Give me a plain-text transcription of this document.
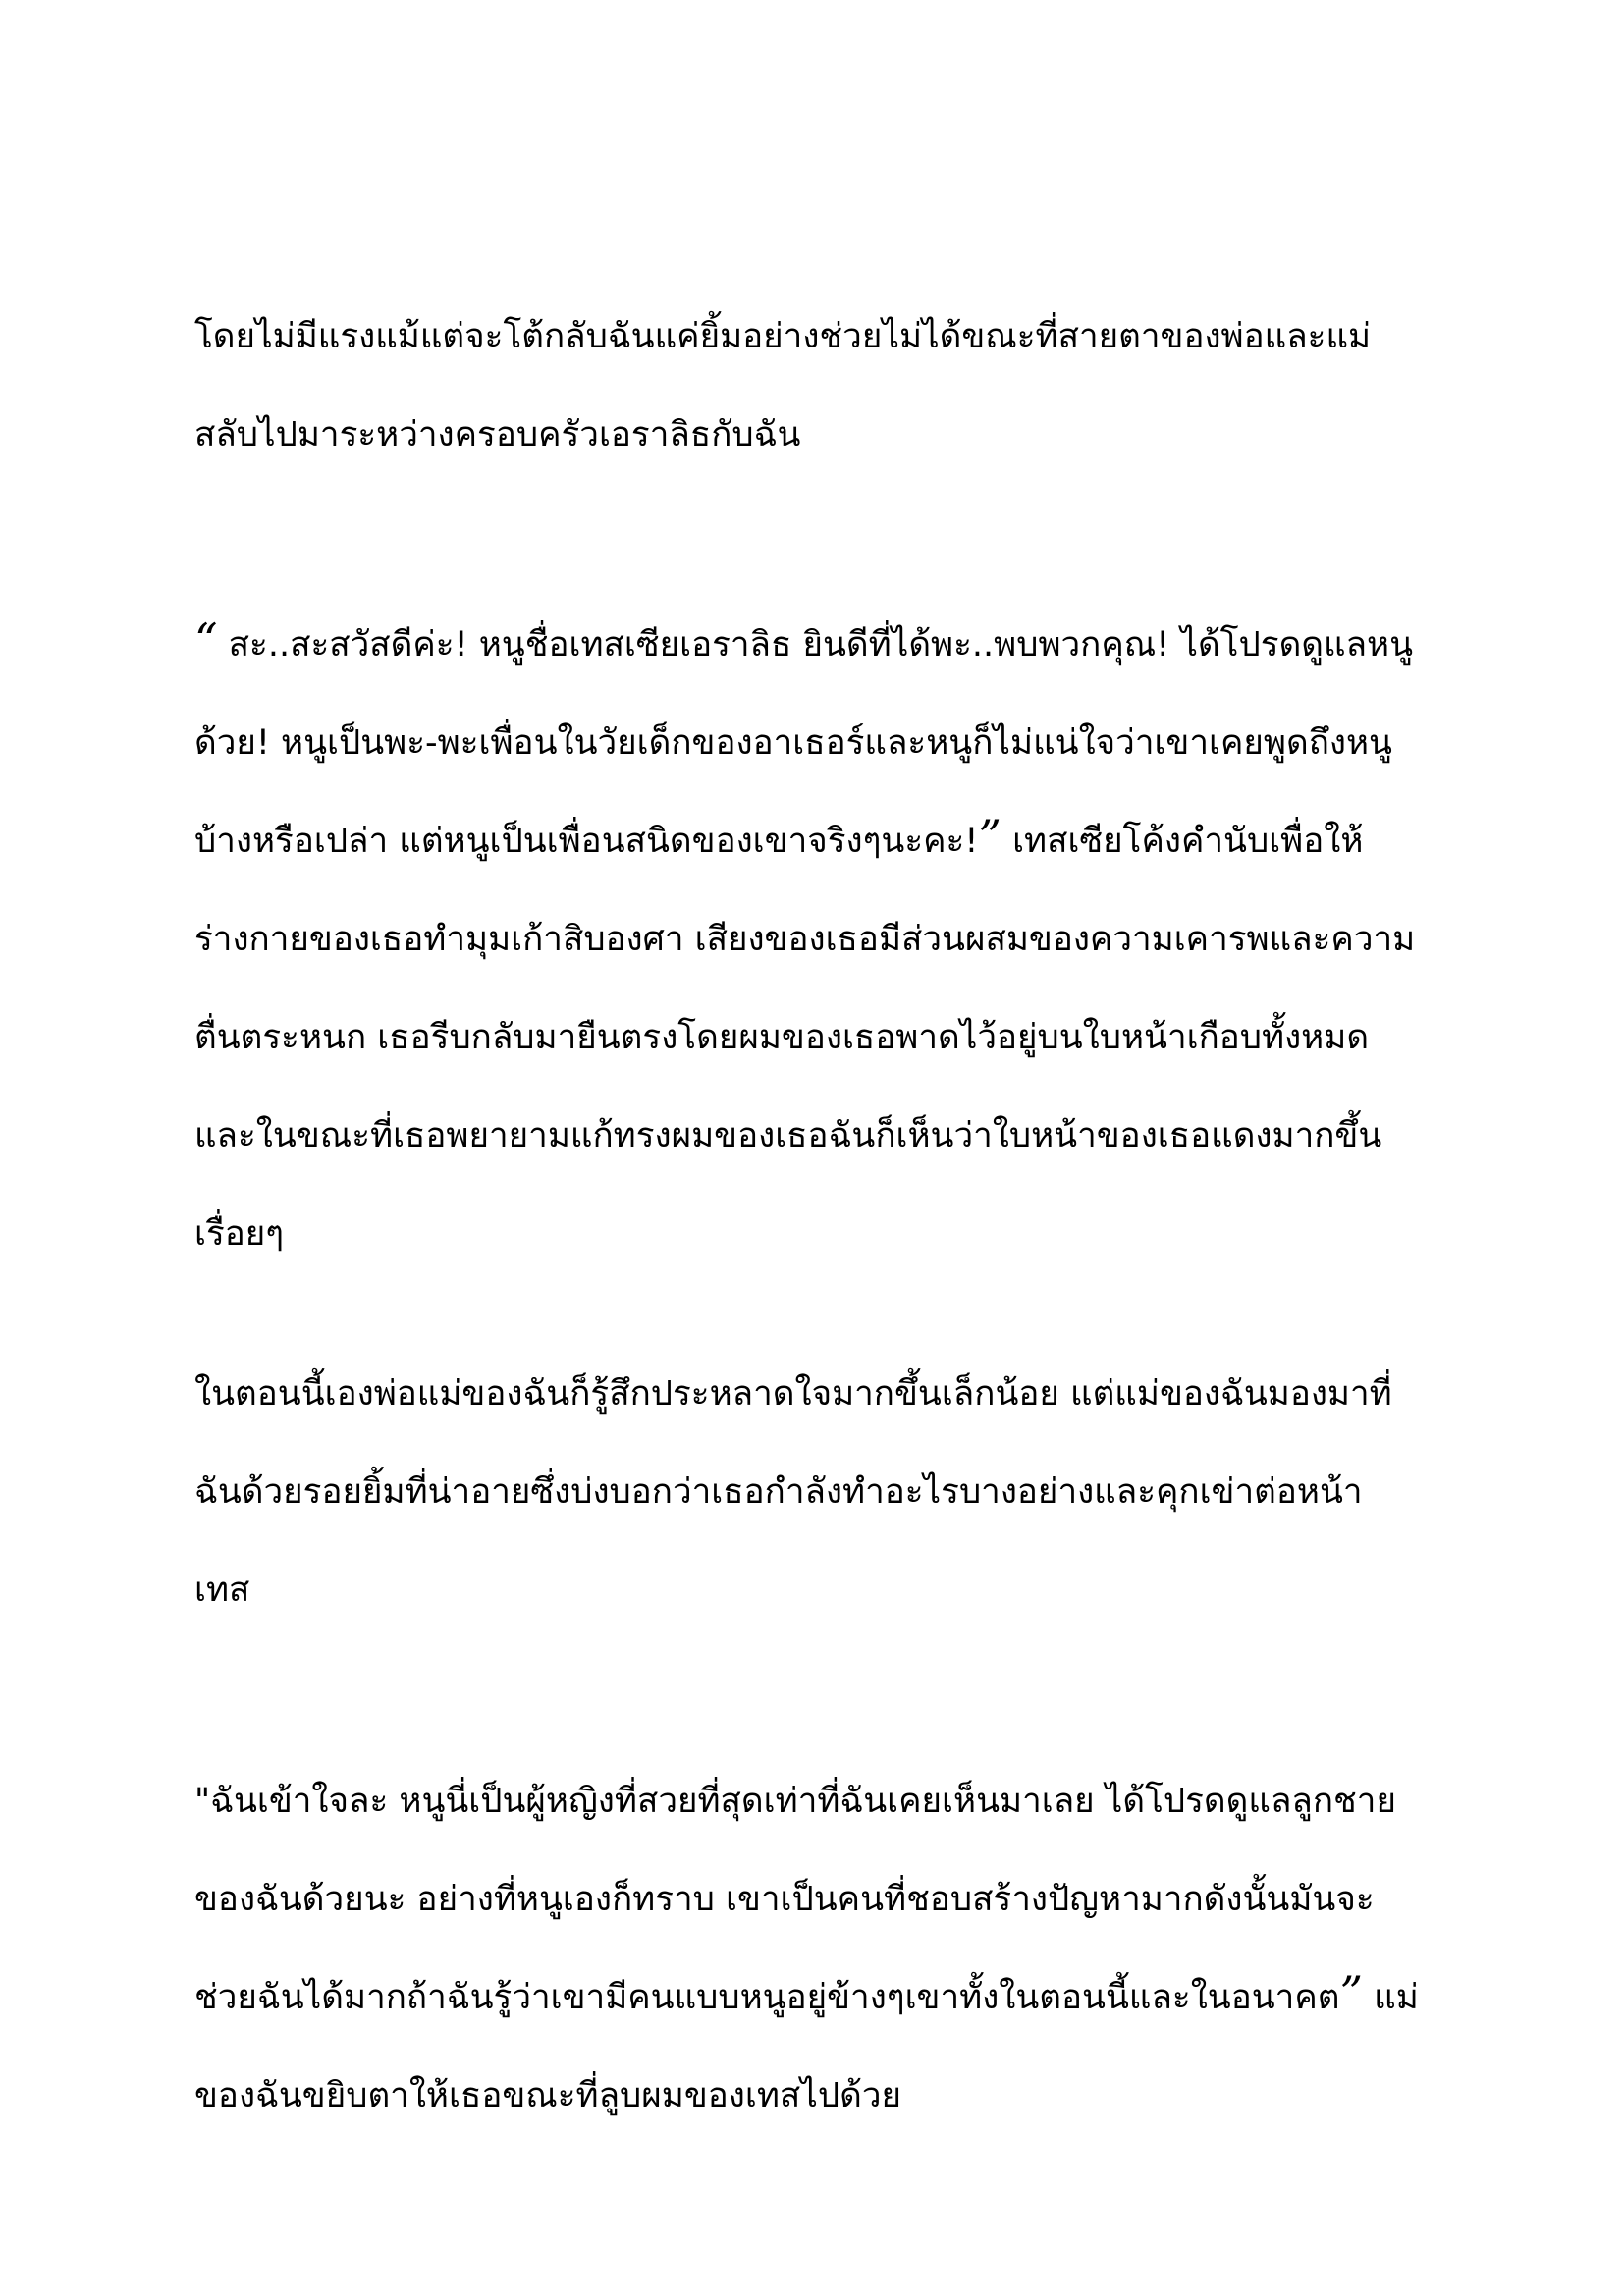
โดยไม่มีแรงแม้แต่จะโต้กลับฉันแค่ยิ้มอย่างช่วยไม่ได้ขณะที่สายตาของพ่อและแม่
สลับไปมาระหว่างครอบครัวเอราลิธกับฉัน
“ สะ..สะสวัสดีค่ะ! หนูชื่อเทสเซียเอราลิธ ยินดีที่ได้พะ..พบพวกคุณ! ได้โปรดดูแลหนู
ด้วย! หนูเป็นพะ-พะเพื่อนในวัยเด็กของอาเธอร์และหนูก็ไม่แน่ใจว่าเขาเคยพูดถึงหนู
บ้างหรือเปล่า แต่หนูเป็นเพื่อนสนิดของเขาจริงๆนะคะ!” เทสเซียโค้งคำนับเพื่อให้
ร่างกายของเธอทำมุมเก้าสิบองศา เสียงของเธอมีส่วนผสมของความเคารพและความ
ตื่นตระหนก เธอรีบกลับมายืนตรงโดยผมของเธอพาดไว้อยู่บนใบหน้าเกือบทั้งหมด
และในขณะที่เธอพยายามแก้ทรงผมของเธอฉันก็เห็นว่าใบหน้าของเธอแดงมากขึ้น
เรื่อยๆ
ในตอนนี้เองพ่อแม่ของฉันก็รู้สึกประหลาดใจมากขึ้นเล็กน้อย แต่แม่ของฉันมองมาที่
ฉันด้วยรอยยิ้มที่น่าอายซึ่งบ่งบอกว่าเธอกำลังทำอะไรบางอย่างและคุกเข่าต่อหน้า
เทส
"ฉันเข้าใจละ หนูนี่เป็นผู้หญิงที่สวยที่สุดเท่าที่ฉันเคยเห็นมาเลย ได้โปรดดูแลลูกชาย
ของฉันด้วยนะ อย่างที่หนูเองก็ทราบ เขาเป็นคนที่ชอบสร้างปัญหามากดังนั้นมันจะ
ช่วยฉันได้มากถ้าฉันรู้ว่าเขามีคนแบบหนูอยู่ข้างๆเขาทั้งในตอนนี้และในอนาคต” แม่
ของฉันขยิบตาให้เธอขณะที่ลูบผมของเทสไปด้วย
